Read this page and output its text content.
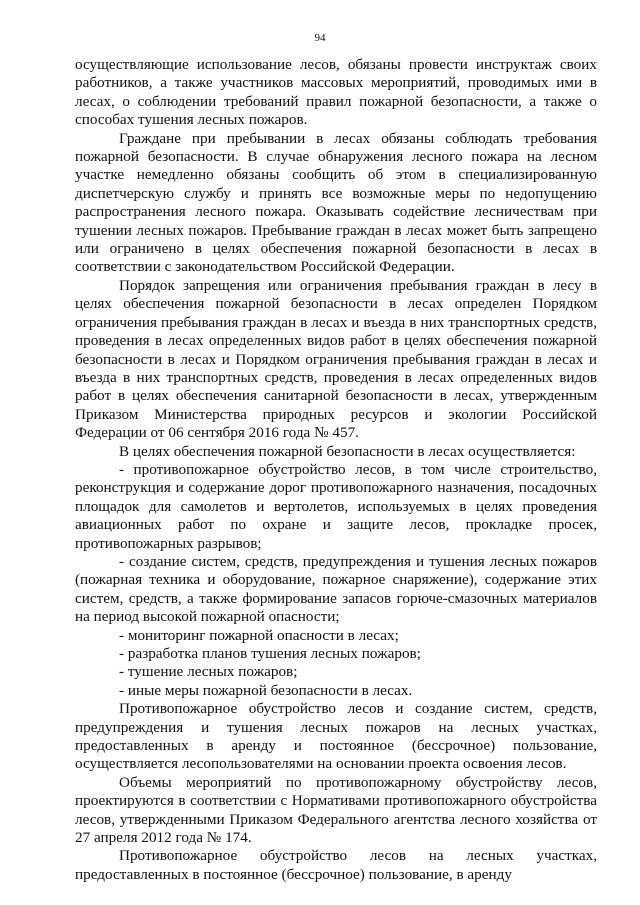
94

осуществляющие использование лесов, обязаны провести инструктаж своих работников, а также участников массовых мероприятий, проводимых ими в лесах, о соблюдении требований правил пожарной безопасности, а также о способах тушения лесных пожаров.

Граждане при пребывании в лесах обязаны соблюдать требования пожарной безопасности. В случае обнаружения лесного пожара на лесном участке немедленно обязаны сообщить об этом в специализированную диспетчерскую службу и принять все возможные меры по недопущению распространения лесного пожара. Оказывать содействие лесничествам при тушении лесных пожаров. Пребывание граждан в лесах может быть запрещено или ограничено в целях обеспечения пожарной безопасности в лесах в соответствии с законодательством Российской Федерации.

Порядок запрещения или ограничения пребывания граждан в лесу в целях обеспечения пожарной безопасности в лесах определен Порядком ограничения пребывания граждан в лесах и въезда в них транспортных средств, проведения в лесах определенных видов работ в целях обеспечения пожарной безопасности в лесах и Порядком ограничения пребывания граждан в лесах и въезда в них транспортных средств, проведения в лесах определенных видов работ в целях обеспечения санитарной безопасности в лесах, утвержденным Приказом Министерства природных ресурсов и экологии Российской Федерации от 06 сентября 2016 года № 457.

В целях обеспечения пожарной безопасности в лесах осуществляется:

- противопожарное обустройство лесов, в том числе строительство, реконструкция и содержание дорог противопожарного назначения, посадочных площадок для самолетов и вертолетов, используемых в целях проведения авиационных работ по охране и защите лесов, прокладке просек, противопожарных разрывов;

- создание систем, средств, предупреждения и тушения лесных пожаров (пожарная техника и оборудование, пожарное снаряжение), содержание этих систем, средств, а также формирование запасов горюче-смазочных материалов на период высокой пожарной опасности;

- мониторинг пожарной опасности в лесах;

- разработка планов тушения лесных пожаров;

- тушение лесных пожаров;

- иные меры пожарной безопасности в лесах.

Противопожарное обустройство лесов и создание систем, средств, предупреждения и тушения лесных пожаров на лесных участках, предоставленных в аренду и постоянное (бессрочное) пользование, осуществляется лесопользователями на основании проекта освоения лесов.

Объемы мероприятий по противопожарному обустройству лесов, проектируются в соответствии с Нормативами противопожарного обустройства лесов, утвержденными Приказом Федерального агентства лесного хозяйства от 27 апреля 2012 года № 174.

Противопожарное обустройство лесов на лесных участках, предоставленных в постоянное (бессрочное) пользование, в аренду
